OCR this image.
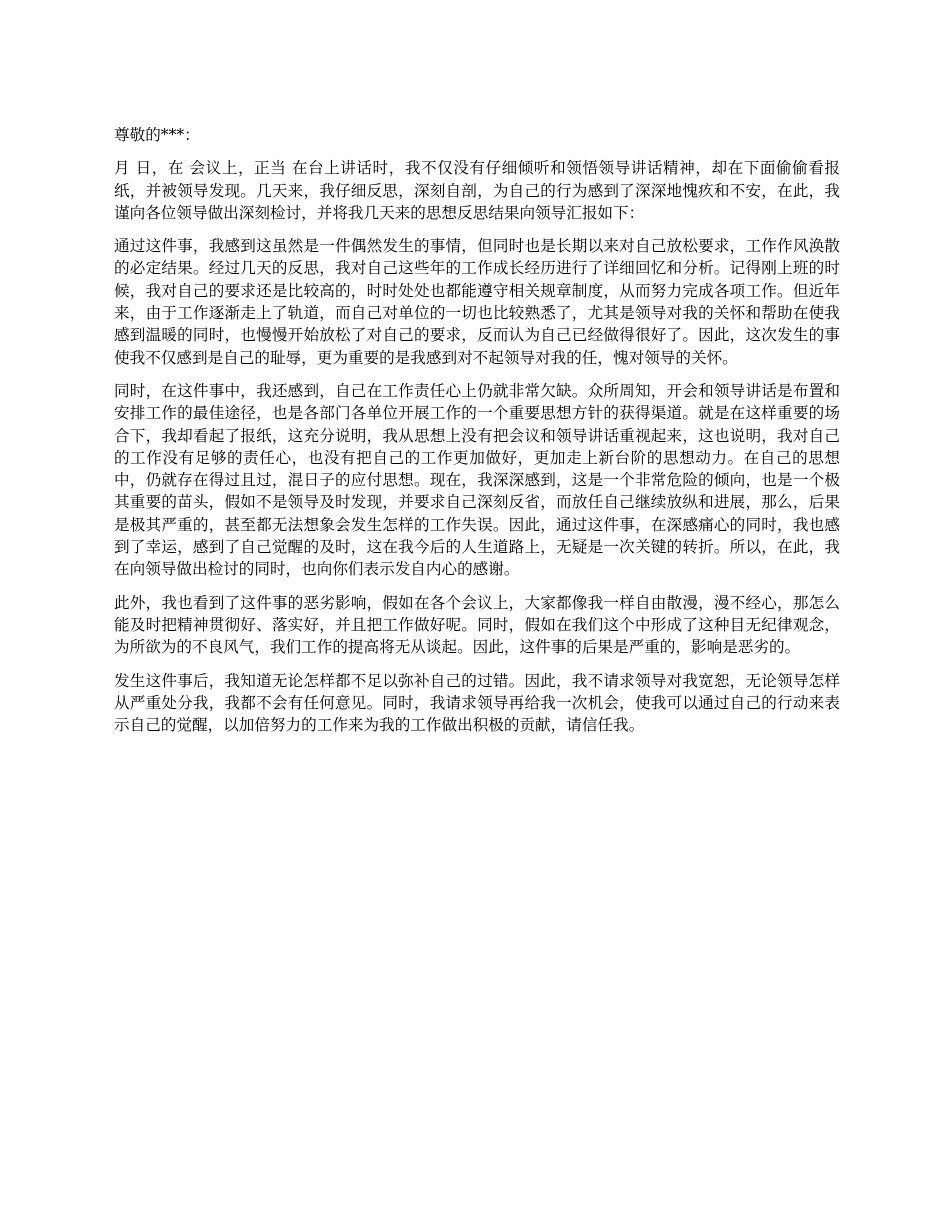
尊敬的***：

月 日，在 会议上，正当 在台上讲话时，我不仅没有仔细倾听和领悟领导讲话精神，却在下面偷偷看报纸，并被领导发现。几天来，我仔细反思，深刻自剖，为自己的行为感到了深深地愧疚和不安，在此，我谨向各位领导做出深刻检讨，并将我几天来的思想反思结果向领导汇报如下：

通过这件事，我感到这虽然是一件偶然发生的事情，但同时也是长期以来对自己放松要求，工作作风涣散的必定结果。经过几天的反思，我对自己这些年的工作成长经历进行了详细回忆和分析。记得刚上班的时候，我对自己的要求还是比较高的，时时处处也都能遵守相关规章制度，从而努力完成各项工作。但近年来，由于工作逐渐走上了轨道，而自己对单位的一切也比较熟悉了，尤其是领导对我的关怀和帮助在使我感到温暖的同时，也慢慢开始放松了对自己的要求，反而认为自己已经做得很好了。因此，这次发生的事使我不仅感到是自己的耻辱，更为重要的是我感到对不起领导对我的任，愧对领导的关怀。

同时，在这件事中，我还感到，自己在工作责任心上仍就非常欠缺。众所周知，开会和领导讲话是布置和安排工作的最佳途径，也是各部门各单位开展工作的一个重要思想方针的获得渠道。就是在这样重要的场合下，我却看起了报纸，这充分说明，我从思想上没有把会议和领导讲话重视起来，这也说明，我对自己的工作没有足够的责任心，也没有把自己的工作更加做好，更加走上新台阶的思想动力。在自己的思想中，仍就存在得过且过，混日子的应付思想。现在，我深深感到，这是一个非常危险的倾向，也是一个极其重要的苗头，假如不是领导及时发现，并要求自己深刻反省，而放任自己继续放纵和进展，那么，后果是极其严重的，甚至都无法想象会发生怎样的工作失误。因此，通过这件事，在深感痛心的同时，我也感到了幸运，感到了自己觉醒的及时，这在我今后的人生道路上，无疑是一次关键的转折。所以，在此，我在向领导做出检讨的同时，也向你们表示发自内心的感谢。

此外，我也看到了这件事的恶劣影响，假如在各个会议上，大家都像我一样自由散漫，漫不经心，那怎么能及时把精神贯彻好、落实好，并且把工作做好呢。同时，假如在我们这个中形成了这种目无纪律观念，为所欲为的不良风气，我们工作的提高将无从谈起。因此，这件事的后果是严重的，影响是恶劣的。

发生这件事后，我知道无论怎样都不足以弥补自己的过错。因此，我不请求领导对我宽恕，无论领导怎样从严重处分我，我都不会有任何意见。同时，我请求领导再给我一次机会，使我可以通过自己的行动来表示自己的觉醒，以加倍努力的工作来为我的工作做出积极的贡献，请信任我。
